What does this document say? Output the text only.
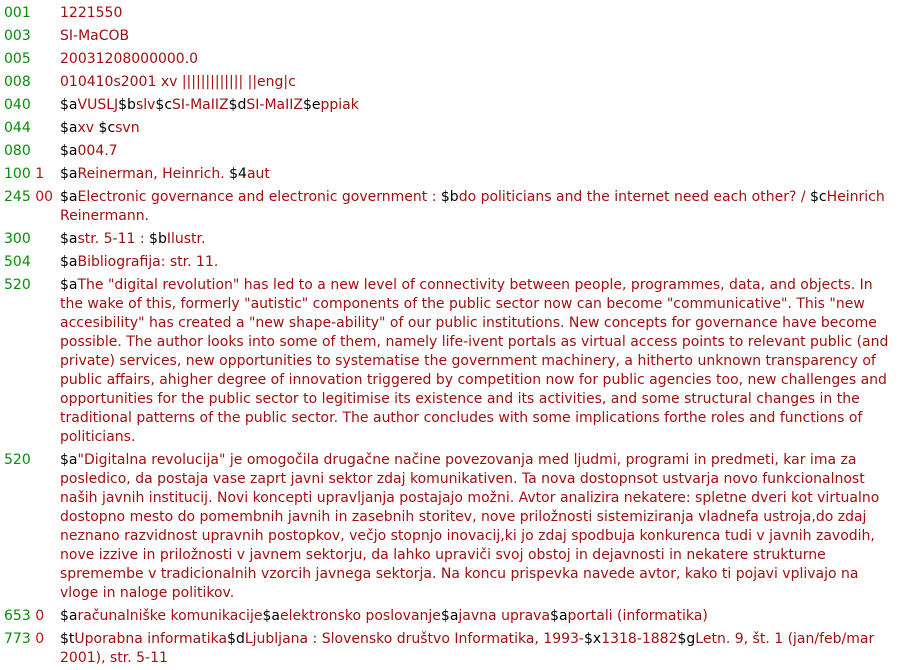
001	1221550
003	SI-MaCOB
005	20031208000000.0
008	010410s2001 xv ||||||||||||| ||eng|c
040	$aVUSLJ$bslv$cSI-MaIIZ$dSI-MaIIZ$eppiak
044	$axv $csvn
080	$a004.7
100 1	$aReinerman, Heinrich. $4aut
245 00 $aElectronic governance and electronic government : $bdo politicians and the internet need each other? / $cHeinrich Reinermann.
300	$astr. 5-11 : $bIlustr.
504	$aBibliografija: str. 11.
520	$aThe "digital revolution" has led to a new level of connectivity between people, programmes, data, and objects. In the wake of this, formerly "autistic" components of the public sector now can become "communicative". This "new accesibility" has created a "new shape-ability" of our public institutions. New concepts for governance have become possible. The author looks into some of them, namely life-ivent portals as virtual access points to relevant public (and private) services, new opportunities to systematise the government machinery, a hitherto unknown transparency of public affairs, ahigher degree of innovation triggered by competition now for public agencies too, new challenges and opportunities for the public sector to legitimise its existence and its activities, and some structural changes in the traditional patterns of the public sector. The author concludes with some implications forthe roles and functions of politicians.
520	$a"Digitalna revolucija" je omogočila drugačne načine povezovanja med ljudmi, programi in predmeti, kar ima za posledico, da postaja vase zaprt javni sektor zdaj komunikativen. Ta nova dostopnsot ustvarja novo funkcionalnost naših javnih institucij. Novi koncepti upravljanja postajajo možni. Avtor analizira nekatere: spletne dveri kot virtualno dostopno mesto do pomembnih javnih in zasebnih storitev, nove priložnosti sistemiziranja vladnefa ustroja,do zdaj neznano razvidnost upravnih postopkov, večjo stopnjo inovacij,ki jo zdaj spodbuja konkurenca tudi v javnih zavodih, nove izzive in priložnosti v javnem sektorju, da lahko upraviči svoj obstoj in dejavnosti in nekatere strukturne spremembe v tradicionalnih vzorcih javnega sektorja. Na koncu prispevka navede avtor, kako ti pojavi vplivajo na vloge in naloge politikov.
653 0	$aračunalniške komunikacije$aelektronsko poslovanje$ajavna uprava$aportali (informatika)
773 0	$tUporabna informatika$dLjubljana : Slovensko društvo Informatika, 1993-$x1318-1882$gLetn. 9, št. 1 (jan/feb/mar 2001), str. 5-11
